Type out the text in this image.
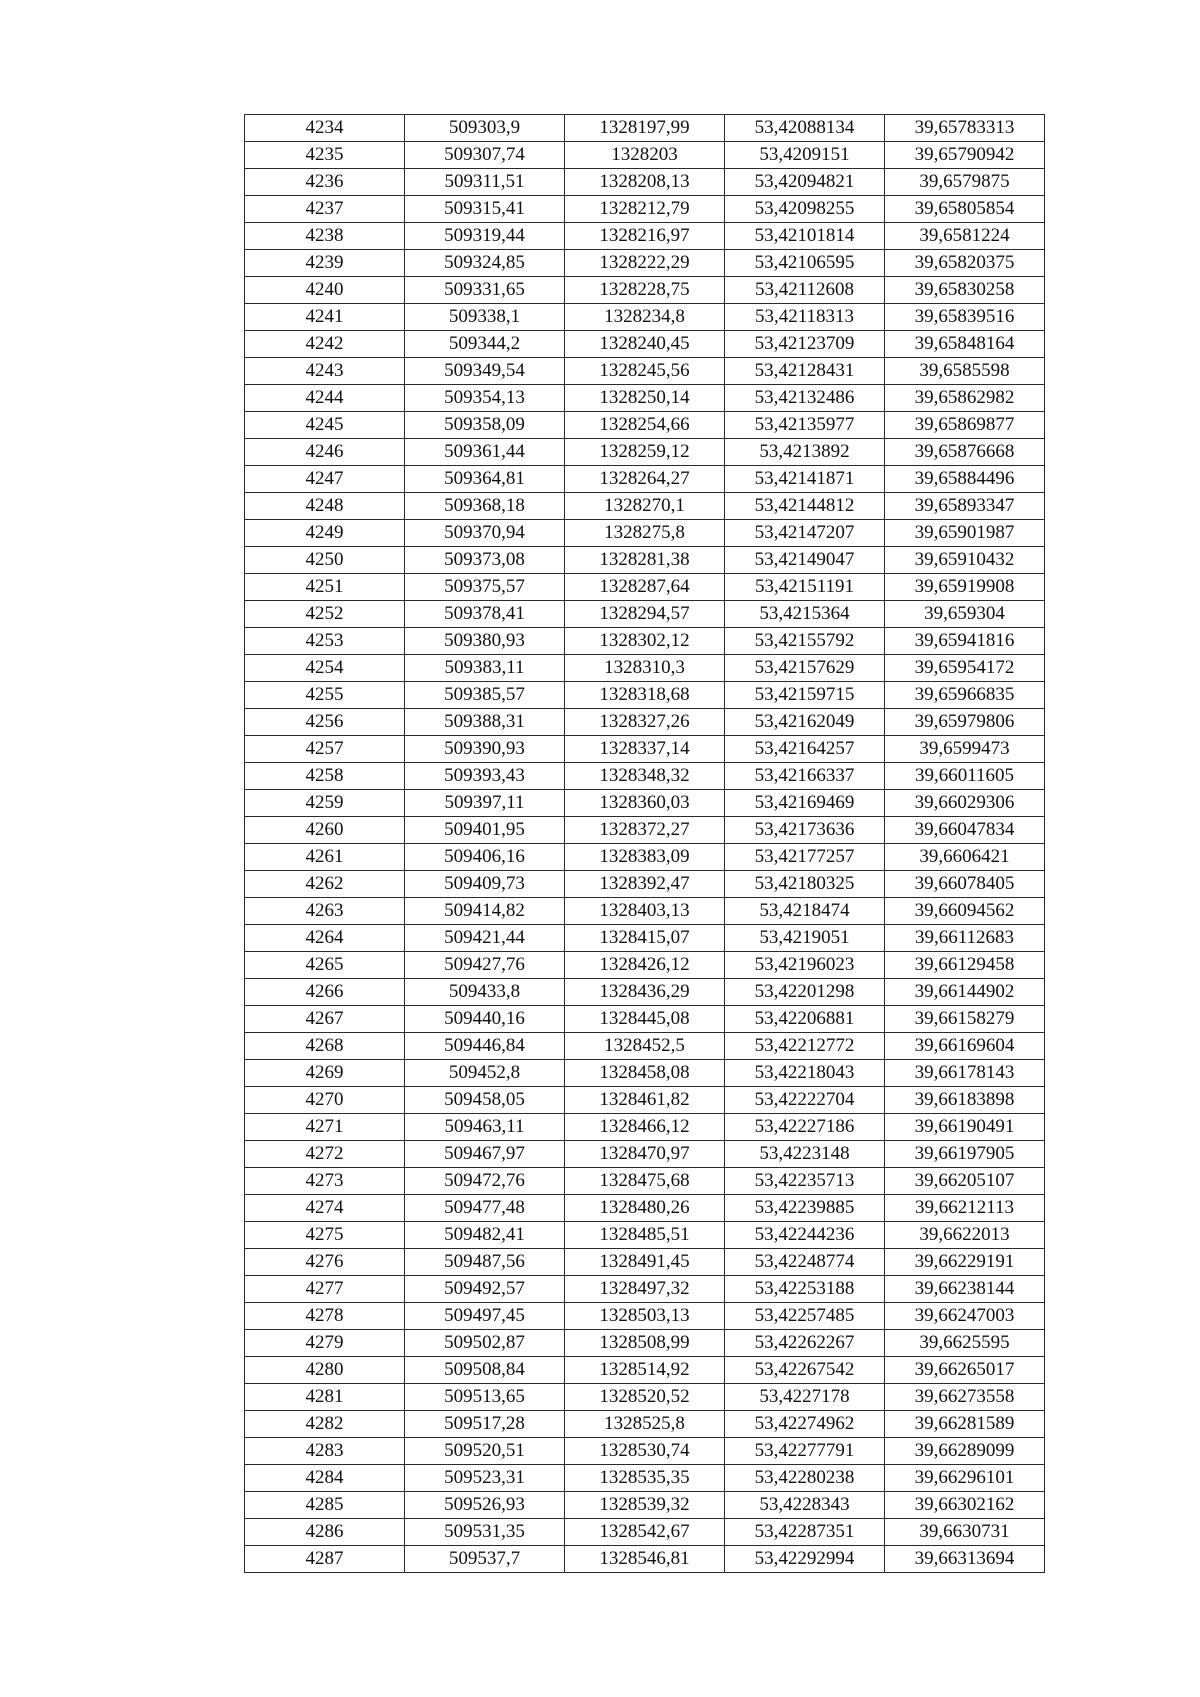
4234	509303,9	1328197,99	53,42088134	39,65783313
4235	509307,74	1328203	53,4209151	39,65790942
4236	509311,51	1328208,13	53,42094821	39,6579875
4237	509315,41	1328212,79	53,42098255	39,65805854
4238	509319,44	1328216,97	53,42101814	39,6581224
4239	509324,85	1328222,29	53,42106595	39,65820375
4240	509331,65	1328228,75	53,42112608	39,65830258
4241	509338,1	1328234,8	53,42118313	39,65839516
4242	509344,2	1328240,45	53,42123709	39,65848164
4243	509349,54	1328245,56	53,42128431	39,6585598
4244	509354,13	1328250,14	53,42132486	39,65862982
4245	509358,09	1328254,66	53,42135977	39,65869877
4246	509361,44	1328259,12	53,4213892	39,65876668
4247	509364,81	1328264,27	53,42141871	39,65884496
4248	509368,18	1328270,1	53,42144812	39,65893347
4249	509370,94	1328275,8	53,42147207	39,65901987
4250	509373,08	1328281,38	53,42149047	39,65910432
4251	509375,57	1328287,64	53,42151191	39,65919908
4252	509378,41	1328294,57	53,4215364	39,659304
4253	509380,93	1328302,12	53,42155792	39,65941816
4254	509383,11	1328310,3	53,42157629	39,65954172
4255	509385,57	1328318,68	53,42159715	39,65966835
4256	509388,31	1328327,26	53,42162049	39,65979806
4257	509390,93	1328337,14	53,42164257	39,6599473
4258	509393,43	1328348,32	53,42166337	39,66011605
4259	509397,11	1328360,03	53,42169469	39,66029306
4260	509401,95	1328372,27	53,42173636	39,66047834
4261	509406,16	1328383,09	53,42177257	39,6606421
4262	509409,73	1328392,47	53,42180325	39,66078405
4263	509414,82	1328403,13	53,4218474	39,66094562
4264	509421,44	1328415,07	53,4219051	39,66112683
4265	509427,76	1328426,12	53,42196023	39,66129458
4266	509433,8	1328436,29	53,42201298	39,66144902
4267	509440,16	1328445,08	53,42206881	39,66158279
4268	509446,84	1328452,5	53,42212772	39,66169604
4269	509452,8	1328458,08	53,42218043	39,66178143
4270	509458,05	1328461,82	53,42222704	39,66183898
4271	509463,11	1328466,12	53,42227186	39,66190491
4272	509467,97	1328470,97	53,4223148	39,66197905
4273	509472,76	1328475,68	53,42235713	39,66205107
4274	509477,48	1328480,26	53,42239885	39,66212113
4275	509482,41	1328485,51	53,42244236	39,6622013
4276	509487,56	1328491,45	53,42248774	39,66229191
4277	509492,57	1328497,32	53,42253188	39,66238144
4278	509497,45	1328503,13	53,42257485	39,66247003
4279	509502,87	1328508,99	53,42262267	39,6625595
4280	509508,84	1328514,92	53,42267542	39,66265017
4281	509513,65	1328520,52	53,4227178	39,66273558
4282	509517,28	1328525,8	53,42274962	39,66281589
4283	509520,51	1328530,74	53,42277791	39,66289099
4284	509523,31	1328535,35	53,42280238	39,66296101
4285	509526,93	1328539,32	53,4228343	39,66302162
4286	509531,35	1328542,67	53,42287351	39,6630731
4287	509537,7	1328546,81	53,42292994	39,66313694
